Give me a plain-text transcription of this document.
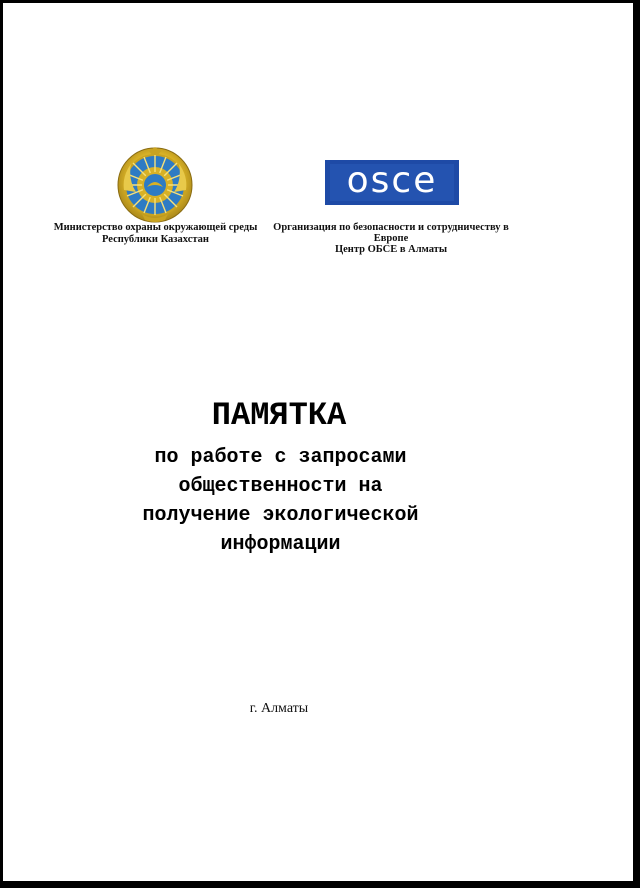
Министерство охраны окружающей среды
Республики Казахстан
osce
Организация по безопасности и сотрудничеству в
Европе
Центр ОБСЕ в Алматы
ПАМЯТКА
по работе с запросами
общественности на
получение экологической
информации
г. Алматы
